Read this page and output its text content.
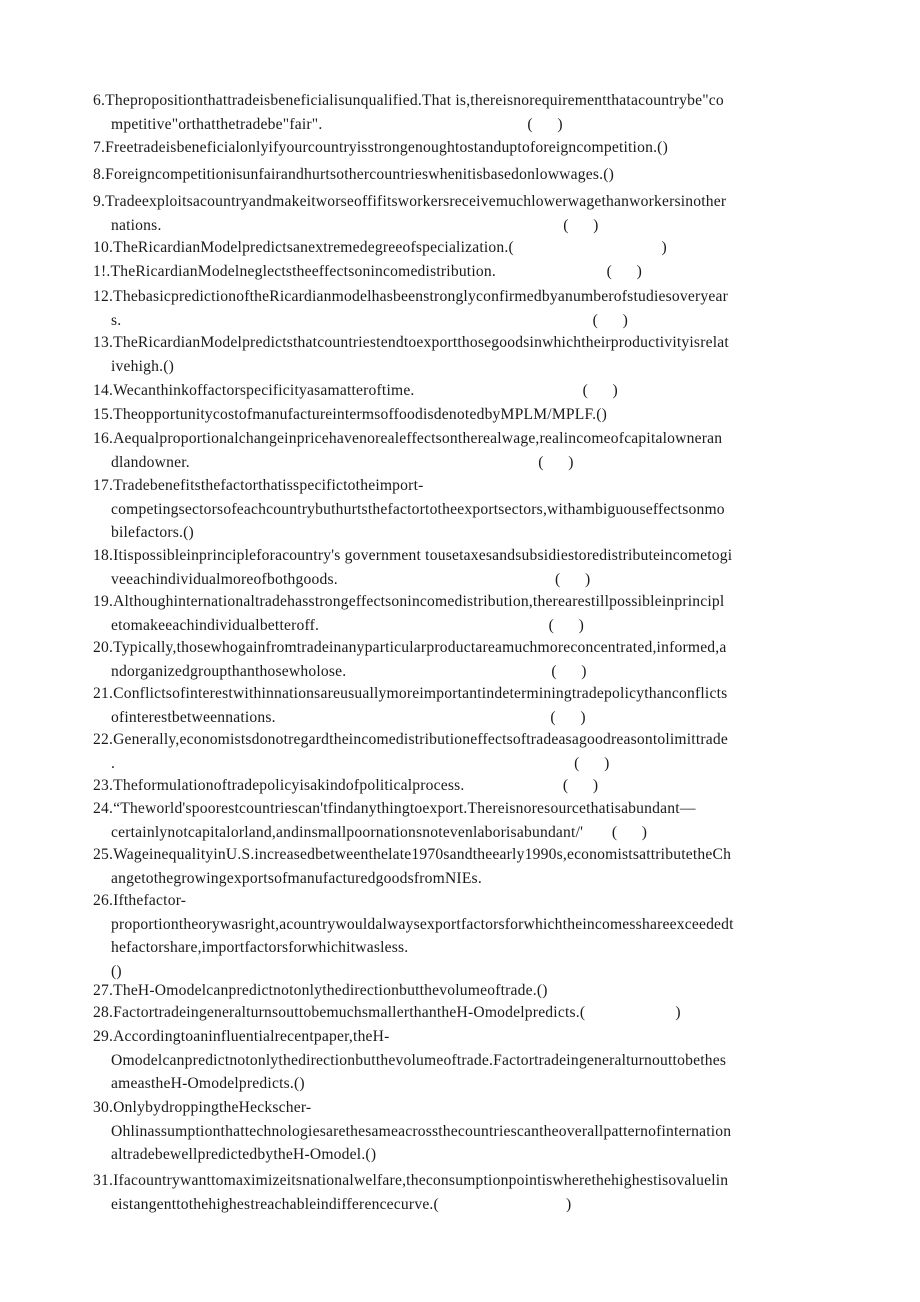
6.Thepropositionthattradeisbeneficialisunqualified.That is,thereisnorequirementthatacountrybe"co
mpetitive"orthatthetradebe"fair".                                                  (      )
7.Freetradeisbeneficialonlyifyourcountryisstrongenoughtostanduptoforeigncompetition.()
8.Foreigncompetitionisunfairandhurtsothercountrieswhenitisbasedonlowwages.()
9.Tradeexploitsacountryandmakeitworseoffifitsworkersreceivemuchlowerwagethanworkersinother
nations.                                                                                                  (      )
10.TheRicardianModelpredictsanextremedegreeofspecialization.(                                    )
1!.TheRicardianModelneglectstheeffectsonincomedistribution.                           (      )
12.ThebasicpredictionoftheRicardianmodelhasbeenstronglyconfirmedbyanumberofstudiesoveryear
s.                                                                                                                   (      )
13.TheRicardianModelpredictsthatcountriestendtoexportthosegoodsinwhichtheirproductivityisrelat
ivehigh.()
14.Wecanthinkoffactorspecificityasamatteroftime.                                         (      )
15.TheopportunitycostofmanufactureintermsoffoodisdenotedbyMPLM/MPLF.()
16.Aequalproportionalchangeinpricehavenorealeffectsontherealwage,realincomeofcapitalowneran
dlandowner.                                                                                     (      )
17.Tradebenefitsthefactorthatisspecifictotheimport-
competingsectorsofeachcountrybuthurtsthefactortotheexportsectors,withambiguouseffectsonmo
bilefactors.()
18.Itispossibleinprincipleforacountry's government tousetaxesandsubsidiestoredistributeincometogi
veeachindividualmoreofbothgoods.                                                     (      )
19.Althoughinternationaltradehasstrongeffectsonincomedistribution,therearestillpossibleinprincipl
etomakeeachindividualbetteroff.                                                        (      )
20.Typically,thosewhogainfromtradeinanyparticularproductareamuchmoreconcentrated,informed,a
ndorganizedgroupthanthosewholose.                                                  (      )
21.Conflictsofinterestwithinnationsareusuallymoreimportantindeterminingtradepolicythanconflicts
ofinterestbetweennations.                                                                   (      )
22.Generally,economistsdonotregardtheincomedistributioneffectsoftradeasagoodreasontolimittrade
.                                                                                                                (      )
23.Theformulationoftradepolicyisakindofpoliticalprocess.                        (      )
24.“Theworld'spoorestcountriescan'tfindanythingtoexport.Thereisnoresourcethatisabundant—
certainlynotcapitalorland,andinsmallpoornationsnotevenlaborisabundant/'       (      )
25.WageinequalityinU.S.increasedbetweenthelate1970sandtheearly1990s,economistsattributetheCh
angetothegrowingexportsofmanufacturedgoodsfromNIEs.
26.Ifthefactor-
proportiontheorywasright,acountrywouldalwaysexportfactorsforwhichtheincomesshareexceededt
hefactorshare,importfactorsforwhichitwasless.
()
27.TheH-Omodelcanpredictnotonlythedirectionbutthevolumeoftrade.()
28.FactortradeingeneralturnsouttobemuchsmallerthantheH-Omodelpredicts.(                      )
29.Accordingtoaninfluentialrecentpaper,theH-
Omodelcanpredictnotonlythedirectionbutthevolumeoftrade.Factortradeingeneralturnouttobethes
ameastheH-Omodelpredicts.()
30.OnlybydroppingtheHeckscher-
Ohlinassumptionthattechnologiesarethesameacrossthecountriescantheoverallpatternofinternation
altradebewellpredictedbytheH-Omodel.()
31.Ifacountrywanttomaximizeitsnationalwelfare,theconsumptionpointiswherethehighestisovaluelin
eistangenttothehighestreachableindifferencecurve.(                               )
